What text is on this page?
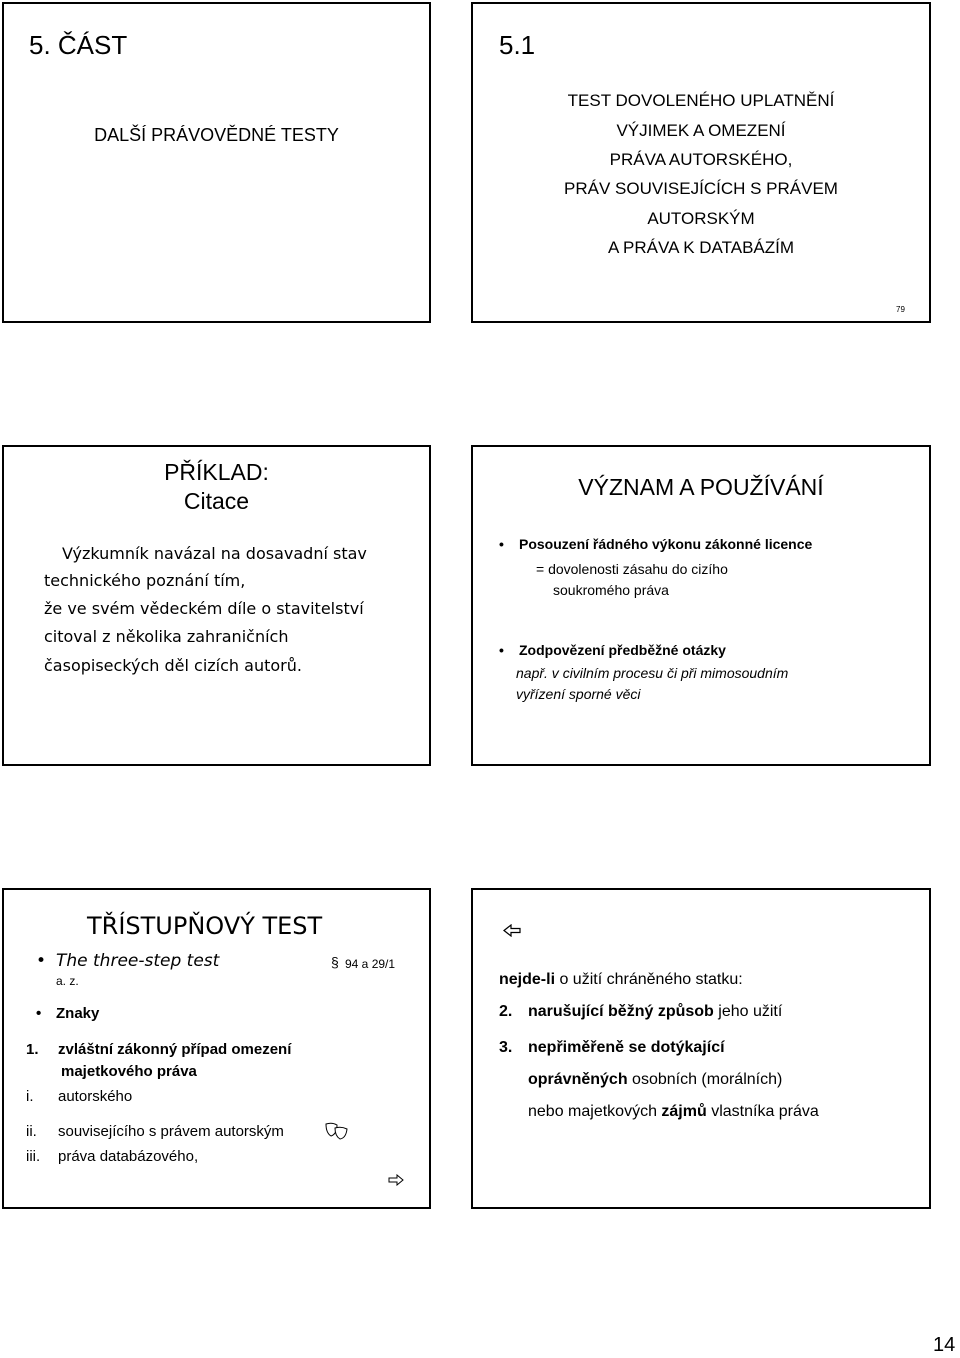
5. ČÁST
DALŠÍ PRÁVOVĚDNÉ TESTY
5.1
TEST DOVOLENÉHO UPLATNĚNÍ
VÝJIMEK A OMEZENÍ
PRÁVA AUTORSKÉHO,
PRÁV SOUVISEJÍCÍCH S PRÁVEM
AUTORSKÝM
A PRÁVA K DATABÁZÍM
79
PŘÍKLAD:
Citace
Výzkumník navázal na dosavadní stav
technického poznání tím,
že ve svém vědeckém díle o stavitelství
citoval z několika zahraničních
časopiseckých děl cizích autorů.
VÝZNAM A POUŽÍVÁNÍ
• Posouzení řádného výkonu zákonné licence
= dovolenosti zásahu do cizího
soukromého práva
• Zodpovězení předběžné otázky
např. v civilním procesu či při mimosoudním
vyřízení sporné věci
TŘÍSTUPŇOVÝ TEST
• The three-step test	§ 94 a 29/1
a. z.
• Znaky
1. zvláštní zákonný případ omezení
majetkového práva
i. autorského
ii. souvisejícího s právem autorským
iii. práva databázového,
nejde-li o užití chráněného statku:
2. narušující běžný způsob jeho užití
3. nepřiměřeně se dotýkající
oprávněných osobních (morálních)
nebo majetkových zájmů vlastníka práva
14
